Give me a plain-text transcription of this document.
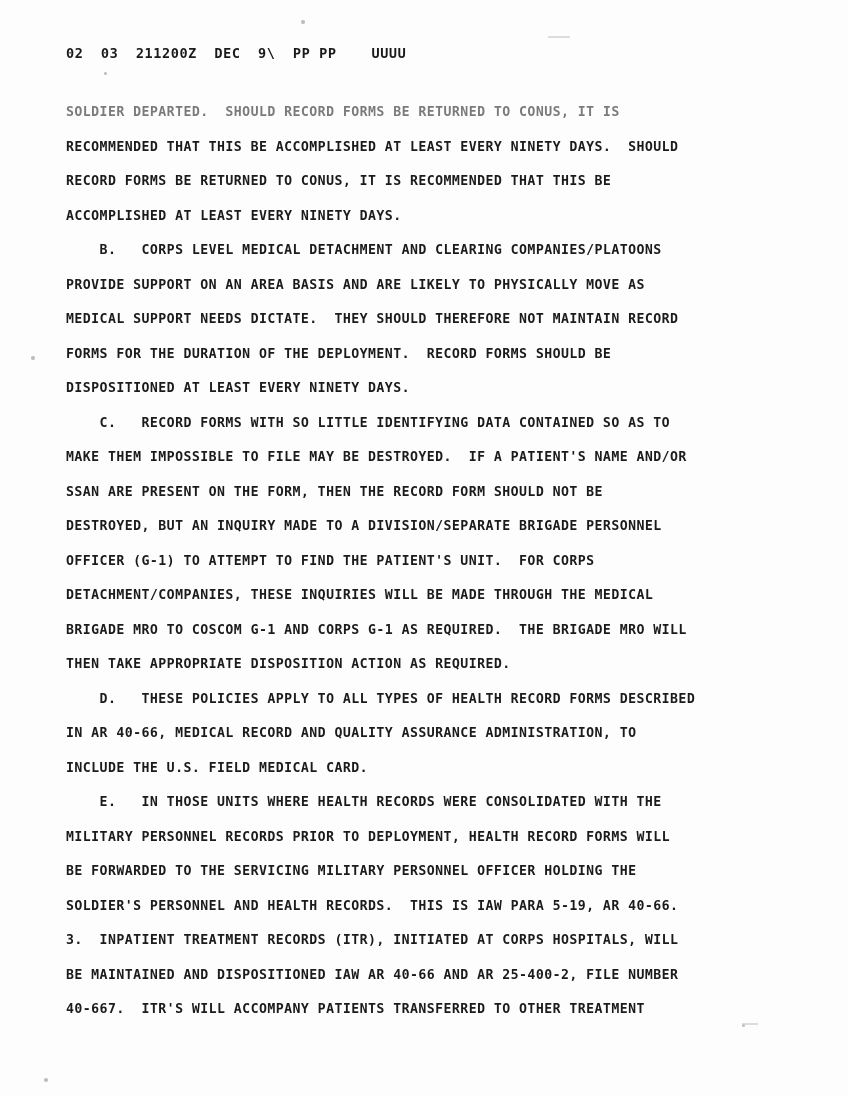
02  03  211200Z  DEC  9\  PP PP    UUUU
SOLDIER DEPARTED.  SHOULD RECORD FORMS BE RETURNED TO CONUS, IT IS
RECOMMENDED THAT THIS BE ACCOMPLISHED AT LEAST EVERY NINETY DAYS.  SHOULD
RECORD FORMS BE RETURNED TO CONUS, IT IS RECOMMENDED THAT THIS BE
ACCOMPLISHED AT LEAST EVERY NINETY DAYS.
B.   CORPS LEVEL MEDICAL DETACHMENT AND CLEARING COMPANIES/PLATOONS
PROVIDE SUPPORT ON AN AREA BASIS AND ARE LIKELY TO PHYSICALLY MOVE AS
MEDICAL SUPPORT NEEDS DICTATE.  THEY SHOULD THEREFORE NOT MAINTAIN RECORD
FORMS FOR THE DURATION OF THE DEPLOYMENT.  RECORD FORMS SHOULD BE
DISPOSITIONED AT LEAST EVERY NINETY DAYS.
C.   RECORD FORMS WITH SO LITTLE IDENTIFYING DATA CONTAINED SO AS TO
MAKE THEM IMPOSSIBLE TO FILE MAY BE DESTROYED.  IF A PATIENT'S NAME AND/OR
SSAN ARE PRESENT ON THE FORM, THEN THE RECORD FORM SHOULD NOT BE
DESTROYED, BUT AN INQUIRY MADE TO A DIVISION/SEPARATE BRIGADE PERSONNEL
OFFICER (G-1) TO ATTEMPT TO FIND THE PATIENT'S UNIT.  FOR CORPS
DETACHMENT/COMPANIES, THESE INQUIRIES WILL BE MADE THROUGH THE MEDICAL
BRIGADE MRO TO COSCOM G-1 AND CORPS G-1 AS REQUIRED.  THE BRIGADE MRO WILL
THEN TAKE APPROPRIATE DISPOSITION ACTION AS REQUIRED.
D.   THESE POLICIES APPLY TO ALL TYPES OF HEALTH RECORD FORMS DESCRIBED
IN AR 40-66, MEDICAL RECORD AND QUALITY ASSURANCE ADMINISTRATION, TO
INCLUDE THE U.S. FIELD MEDICAL CARD.
E.   IN THOSE UNITS WHERE HEALTH RECORDS WERE CONSOLIDATED WITH THE
MILITARY PERSONNEL RECORDS PRIOR TO DEPLOYMENT, HEALTH RECORD FORMS WILL
BE FORWARDED TO THE SERVICING MILITARY PERSONNEL OFFICER HOLDING THE
SOLDIER'S PERSONNEL AND HEALTH RECORDS.  THIS IS IAW PARA 5-19, AR 40-66.
3.  INPATIENT TREATMENT RECORDS (ITR), INITIATED AT CORPS HOSPITALS, WILL
BE MAINTAINED AND DISPOSITIONED IAW AR 40-66 AND AR 25-400-2, FILE NUMBER
40-667.  ITR'S WILL ACCOMPANY PATIENTS TRANSFERRED TO OTHER TREATMENT
